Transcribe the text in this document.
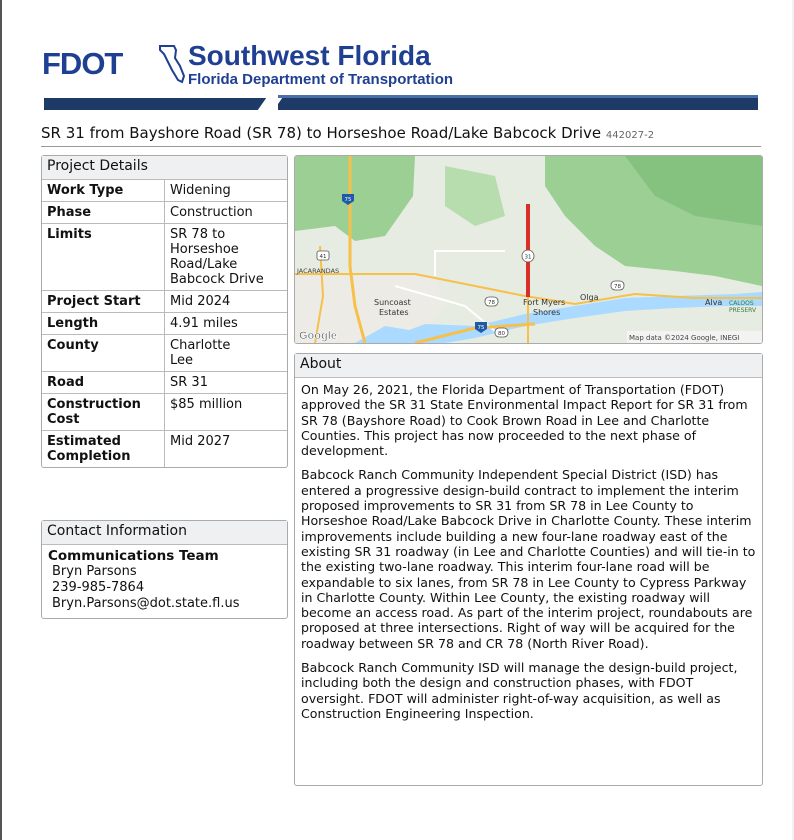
FDOT Southwest Florida
Florida Department of Transportation
SR 31 from Bayshore Road (SR 78) to Horseshoe Road/Lake Babcock Drive 442027-2
Project Details
Work Type	Widening
Phase	Construction
Limits	SR 78 to Horseshoe Road/Lake Babcock Drive
Project Start	Mid 2024
Length	4.91 miles
County	Charlotte
Lee

Road	SR 31
Construction Cost	$85 million
Estimated Completion	Mid 2027
Contact Information
Communications Team
Bryn Parsons
239-985-7864
Bryn.Parsons@dot.state.fl.us
75
41	31
78
78
75
80
JACARANDAS
Suncoast
Estates
Fort Myers
Shores
Olga
Alva CALOOS
PRESERV
Google	Map data ©2024 Google, INEGI
About

On May 26, 2021, the Florida Department of Transportation (FDOT) approved the SR 31 State Environmental Impact Report for SR 31 from SR 78 (Bayshore Road) to Cook Brown Road in Lee and Charlotte Counties. This project has now proceeded to the next phase of development.

Babcock Ranch Community Independent Special District (ISD) has entered a progressive design-build contract to implement the interim proposed improvements to SR 31 from SR 78 in Lee County to Horseshoe Road/Lake Babcock Drive in Charlotte County. These interim improvements include building a new four-lane roadway east of the existing SR 31 roadway (in Lee and Charlotte Counties) and will tie-in to the existing two-lane roadway. This interim four-lane road will be expandable to six lanes, from SR 78 in Lee County to Cypress Parkway in Charlotte County. Within Lee County, the existing roadway will become an access road. As part of the interim project, roundabouts are proposed at three intersections. Right of way will be acquired for the roadway between SR 78 and CR 78 (North River Road).

Babcock Ranch Community ISD will manage the design-build project, including both the design and construction phases, with FDOT oversight. FDOT will administer right-of-way acquisition, as well as Construction Engineering Inspection.
